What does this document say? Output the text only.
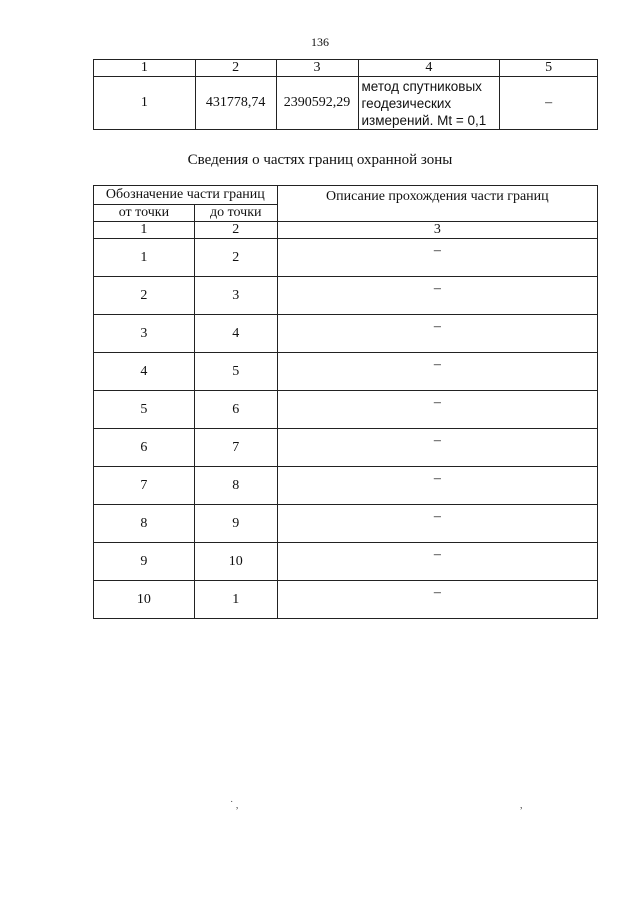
136
1	2	3	4	5
1	431778,74	2390592,29	метод спутниковых
геодезических
измерений. Mt = 0,1	–
Сведения о частях границ охранной зоны
Обозначение части границ		Описание прохождения части границ
от точки	до точки	
1	2	3
1	2	–
2	3	–
3	4	–
4	5	–
5	6	–
6	7	–
7	8	–
8	9	–
9	10	–
10	1	–
˙ ,	,
